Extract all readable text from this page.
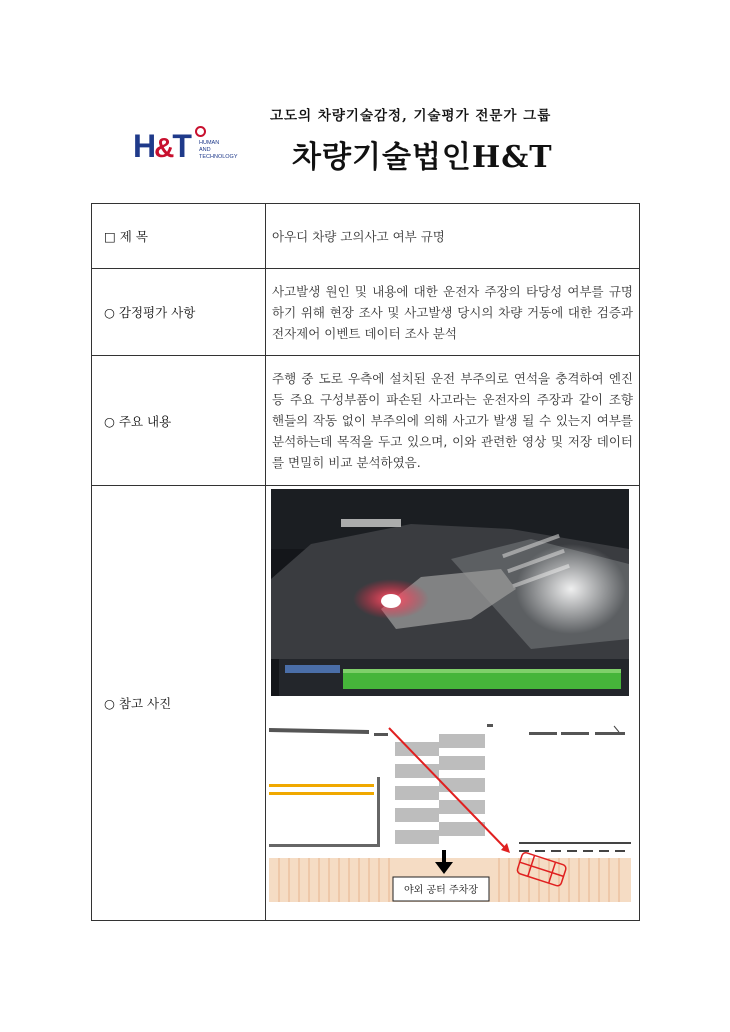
H&T HUMAN
AND
TECHNOLOGY
고도의 차량기술감정, 기술평가 전문가 그룹
차량기술법인H&T
□ 제 목	아우디 차량 고의사고 여부 규명
○ 감정평가 사항	사고발생 원인 및 내용에 대한 운전자 주장의 타당성 여부를 규명하기 위해 현장 조사 및 사고발생 당시의 차량 거동에 대한 검증과 전자제어 이벤트 데이터 조사 분석
○ 주요 내용	주행 중 도로 우측에 설치된 운전 부주의로 연석을 충격하여 엔진 등 주요 구성부품이 파손된 사고라는 운전자의 주장과 같이 조향 핸들의 작동 없이 부주의에 의해 사고가 발생 될 수 있는지 여부를 분석하는데 목적을 두고 있으며, 이와 관련한 영상 및 저장 데이터를 면밀히 비교 분석하였음.
○ 참고 사진	야외 공터 주차장
